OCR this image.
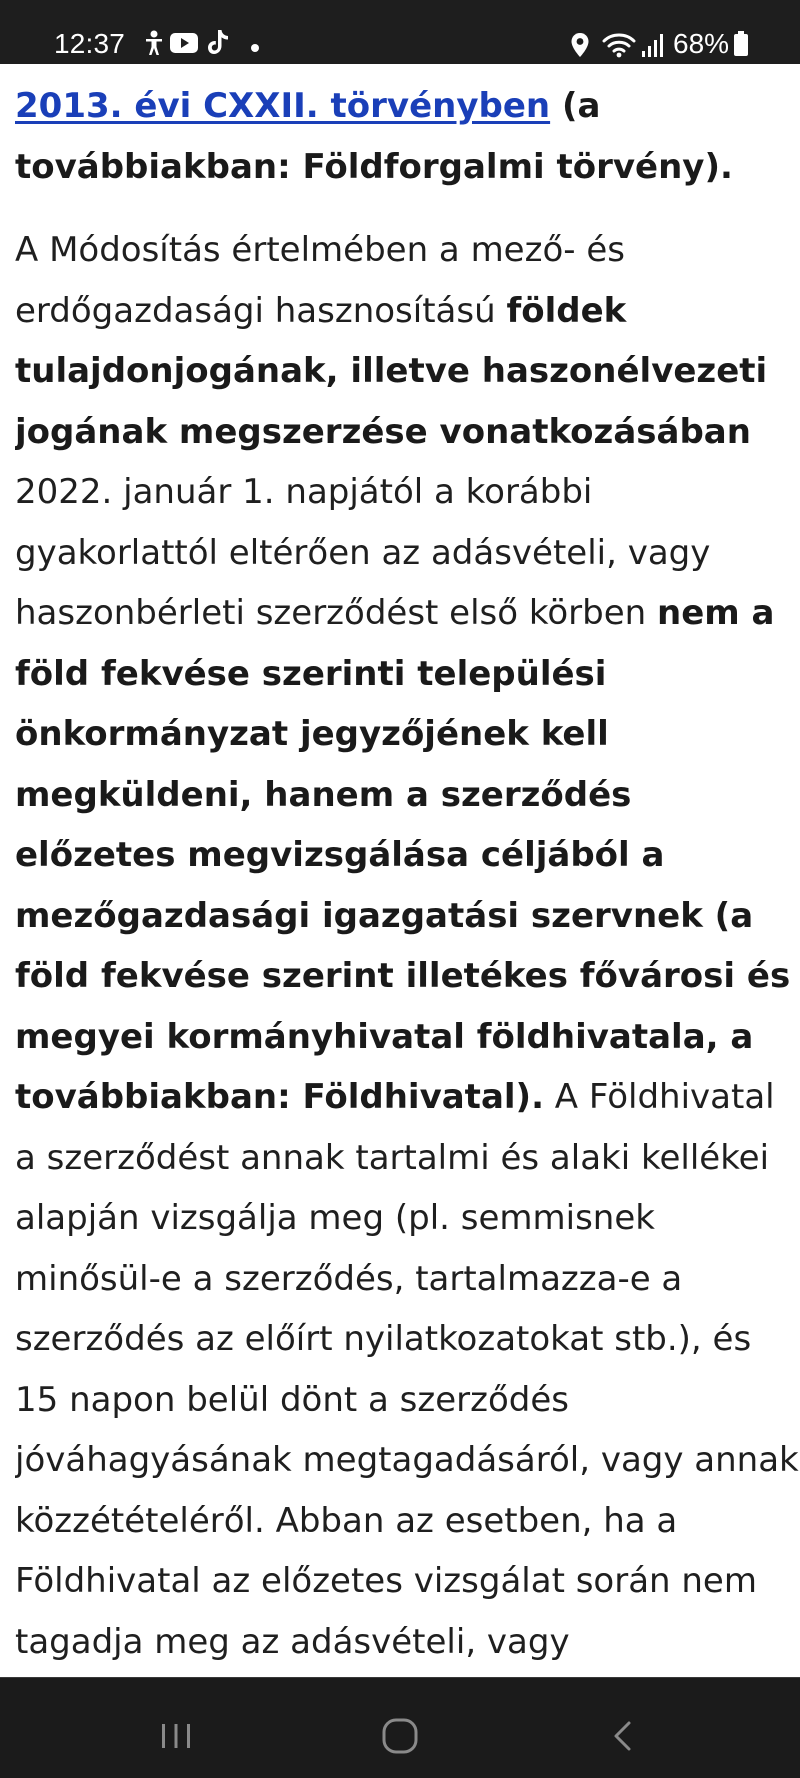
12:37	68%

2013. évi CXXII. törvényben (a továbbiakban: Földforgalmi törvény).

A Módosítás értelmében a mező- és erdőgazdasági hasznosítású földek tulajdonjogának, illetve haszonélvezeti jogának megszerzése vonatkozásában 2022. január 1. napjától a korábbi gyakorlattól eltérően az adásvételi, vagy haszonbérleti szerződést első körben nem a föld fekvése szerinti települési önkormányzat jegyzőjének kell megküldeni, hanem a szerződés előzetes megvizsgálása céljából a mezőgazdasági igazgatási szervnek (a föld fekvése szerint illetékes fővárosi és megyei kormányhivatal földhivatala, a továbbiakban: Földhivatal). A Földhivatal a szerződést annak tartalmi és alaki kellékei alapján vizsgálja meg (pl. semmisnek minősül-e a szerződés, tartalmazza-e a szerződés az előírt nyilatkozatokat stb.), és 15 napon belül dönt a szerződés jóváhagyásának megtagadásáról, vagy annak közzétételéről. Abban az esetben, ha a Földhivatal az előzetes vizsgálat során nem tagadja meg az adásvételi, vagy
